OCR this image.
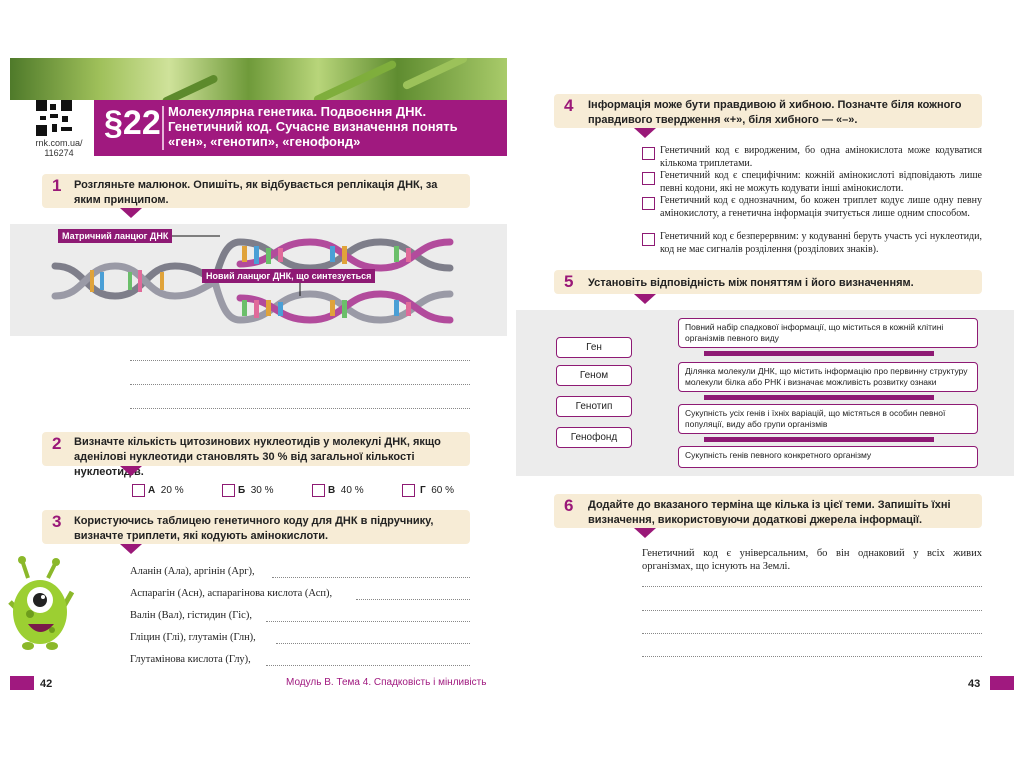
rnk.com.ua/
116274
§22 Молекулярна генетика. Подвоєння ДНК.
Генетичний код. Сучасне визначення понять
«ген», «генотип», «генофонд»
1 Розгляньте малюнок. Опишіть, як відбувається реплікація ДНК, за яким принципом.
Матричний ланцюг ДНК
Новий ланцюг ДНК, що синтезується
2 Визначте кількість цитозинових нуклеотидів у молекулі ДНК, якщо аденілові нуклеотиди становлять 30 % від загальної кількості нуклеотидів.
А 20 %	Б 30 %	В 40 %	Г 60 %
3 Користуючись таблицею генетичного коду для ДНК в підручнику, визначте триплети, які кодують амінокислоти.
Аланін (Ала), аргінін (Арг),
Аспарагін (Асн), аспарагінова кислота (Асп),
Валін (Вал), гістидин (Гіс),
Гліцин (Глі), глутамін (Глн),
Глутамінова кислота (Глу),
42	Модуль В. Тема 4. Спадковість і мінливість
4 Інформація може бути правдивою й хибною. Позначте біля кожного правдивого твердження «+», біля хибного — «–».
Генетичний код є виродженим, бо одна амінокислота може кодуватися кількома триплетами.
Генетичний код є специфічним: кожній амінокислоті відповідають лише певні кодони, які не можуть кодувати інші амінокислоти.
Генетичний код є однозначним, бо кожен триплет кодує лише одну певну амінокислоту, а генетична інформація зчитується лише одним способом.
Генетичний код є безперервним: у кодуванні беруть участь усі нуклеотиди, код не має сигналів розділення (розділових знаків).
5 Установіть відповідність між поняттям і його визначенням.
Ген
Геном
Генотип
Генофонд
Повний набір спадкової інформації, що міститься в кожній клітині організмів певного виду
Ділянка молекули ДНК, що містить інформацію про первинну структуру молекули білка або РНК і визначає можливість розвитку ознаки
Сукупність усіх генів і їхніх варіацій, що містяться в особин певної популяції, виду або групи організмів
Сукупність генів певного конкретного організму
6 Додайте до вказаного терміна ще кілька із цієї теми. Запишіть їхні визначення, використовуючи додаткові джерела інформації.
Генетичний код є універсальним, бо він однаковий у всіх живих організмах, що існують на Землі.
43
